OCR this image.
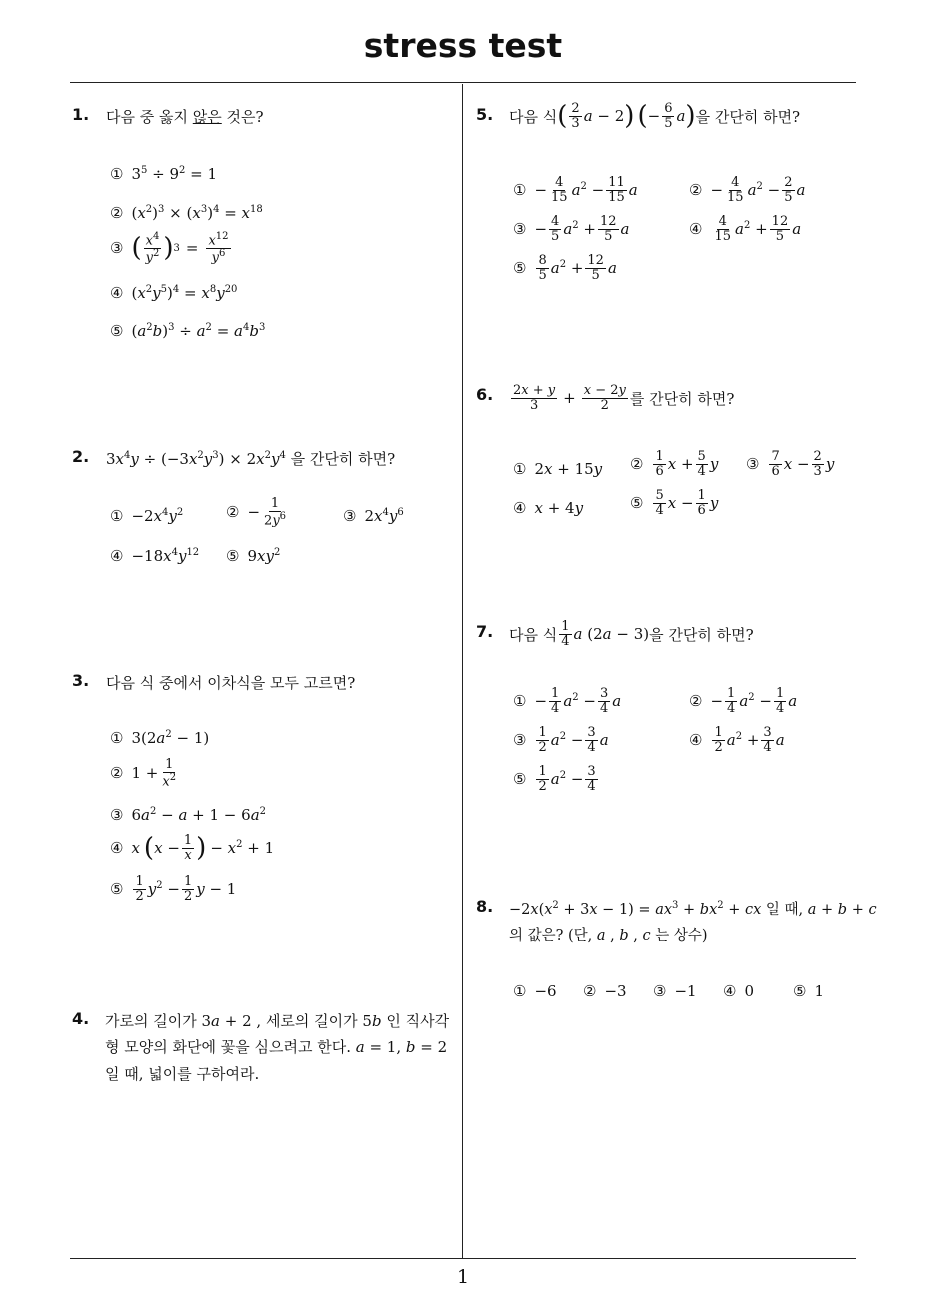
stress test
1
1. 다음 중 옳지 않은 것은?
① $3^5 \div 9^2 = 1$
② $(x^2)^3 \times (x^3)^4 = x^{18}$
③ ( $\frac{x^4}{y^2}$ ) $3 = \frac{x^{12}}{y^6}$
④ $(x^2y^5)^4 = x^8y^{20}$
⑤ $(a^2b)^3 \div a^2 = a^4b^3$
2. $3x^4y \div (-3x^2y^3) \times 2x^2y^4$ 을 간단히 하면?
① $-2x^4y^2$	② − $\frac{1}{2y^6}$	③ $2x^4y^6$
④ $-18x^4y^{12}$ ⑤ $9xy^2$
3. 다음 식 중에서 이차식을 모두 고르면?
① $3(2a^2 - 1)$
② $1 + \frac{1}{x^2}$
③ $6a^2 - a + 1 - 6a^2$
④ x ( $x - \frac{1}{x}$ ) − $x^2 + 1$
⑤ $\frac{1}{2} y^2 - \frac{1}{2}$ y − 1
4. 가로의 길이가 3a + 2 , 세로의 길이가 5b 인 직사각형 모양의 화단에 꽃을 심으려고 한다. a = 1, b = 2 일 때, 넓이를 구하여라.
5. 다음 식 ( $\frac{2}{3}$ a − 2 ) ( − $\frac{6}{5}$ a ) 을 간단히 하면?
① − $\frac{4}{15} a^2 - \frac{11}{15}$ a	② − $\frac{4}{15} a^2 - \frac{2}{5}$ a
③ − $\frac{4}{5} a^2 + \frac{12}{5}$ a	④ $\frac{4}{15} a^2 + \frac{12}{5}$ a
⑤ $\frac{8}{5} a^2 + \frac{12}{5}$ a
6. $\frac{2x + y}{3} + \frac{x - 2y}{2}$ 를 간단히 하면?
① 2x + 15y ② $\frac{1}{6}$ $x + \frac{5}{4}$ y ③ $\frac{7}{6}$ $x - \frac{2}{3}$ y
④ x + 4y	⑤ $\frac{5}{4}$ $x - \frac{1}{6}$ y
7. 다음 식 $\frac{1}{4}$ a (2a − 3) 을 간단히 하면?
① − $\frac{1}{4} a^2 - \frac{3}{4}$ a	② − $\frac{1}{4} a^2 - \frac{1}{4}$ a
③ $\frac{1}{2} a^2 - \frac{3}{4}$ a	④ $\frac{1}{2} a^2 + \frac{3}{4}$ a
⑤ $\frac{1}{2} a^2 - \frac{3}{4}$
8. $-2x(x^2 + 3x - 1) = ax^3 + bx^2$ + cx 일 때, a + b + c
의 값은? (단, a , b , c 는 상수)
① −6 ② −3 ③ −1 ④ 0	⑤ 1
